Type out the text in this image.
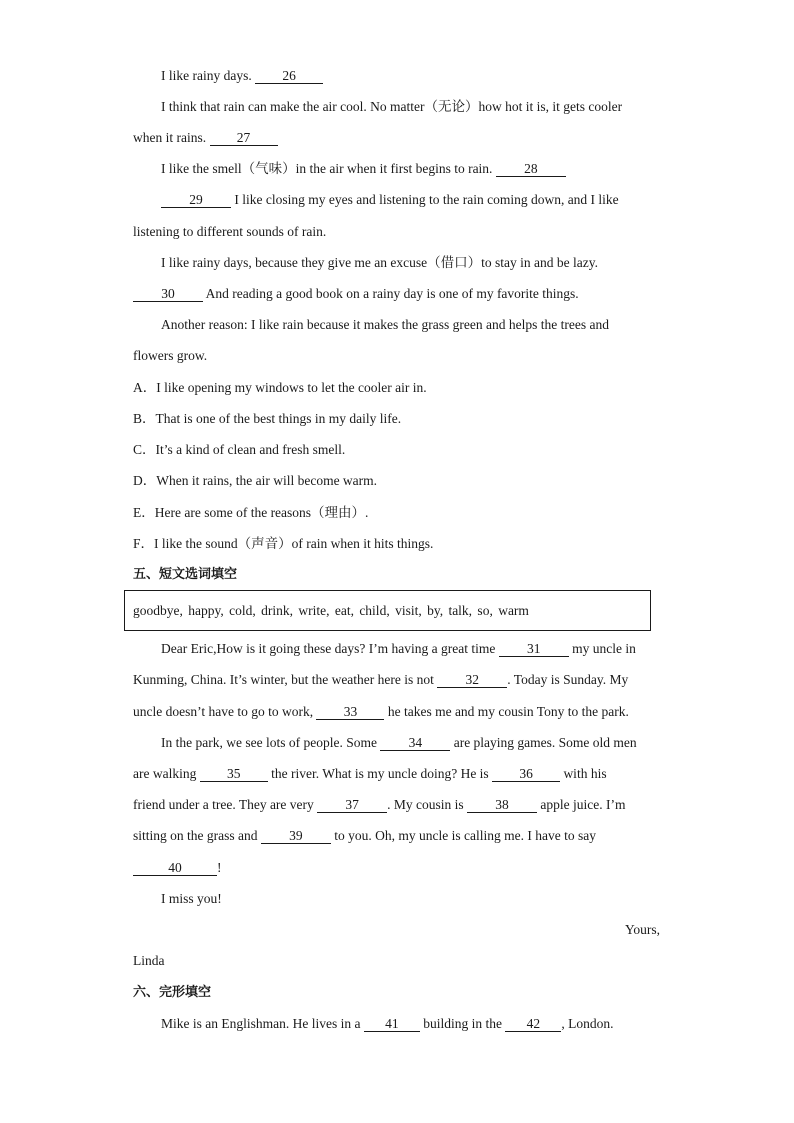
I like rainy days. 26
I think that rain can make the air cool. No matter（无论）how hot it is, it gets cooler
when it rains. 27
I like the smell（气味）in the air when it first begins to rain. 28
29 I like closing my eyes and listening to the rain coming down, and I like
listening to different sounds of rain.
I like rainy days, because they give me an excuse（借口）to stay in and be lazy.
30 And reading a good book on a rainy day is one of my favorite things.
Another reason: I like rain because it makes the grass green and helps the trees and
flowers grow.
A．I like opening my windows to let the cooler air in.
B．That is one of the best things in my daily life.
C．It’s a kind of clean and fresh smell.
D．When it rains, the air will become warm.
E．Here are some of the reasons（理由）.
F．I like the sound（声音）of rain when it hits things.
五、短文选词填空
goodbye, happy, cold, drink, write, eat, child, visit, by, talk, so, warm
Dear Eric,How is it going these days? I’m having a great time 31 my uncle in
Kunming, China. It’s winter, but the weather here is not 32 . Today is Sunday. My
uncle doesn’t have to go to work, 33 he takes me and my cousin Tony to the park.
In the park, we see lots of people. Some 34 are playing games. Some old men
are walking 35 the river. What is my uncle doing? He is 36 with his
friend under a tree. They are very 37 . My cousin is 38 apple juice. I’m
sitting on the grass and 39 to you. Oh, my uncle is calling me. I have to say
40	!
I miss you!
Yours,
Linda
六、完形填空
Mike is an Englishman. He lives in a 41 building in the 42 , London.
